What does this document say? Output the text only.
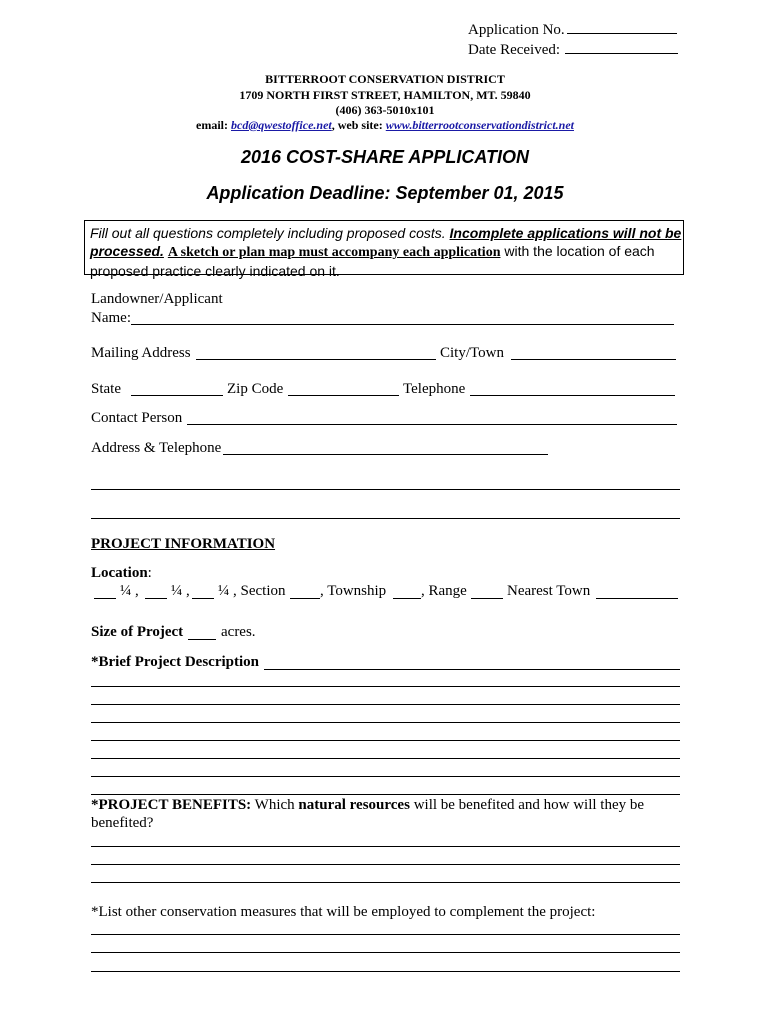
Application No.
Date Received:
BITTERROOT CONSERVATION DISTRICT
1709 NORTH FIRST STREET, HAMILTON, MT. 59840
(406) 363-5010x101
email: bcd@qwestoffice.net, web site: www.bitterrootconservationdistrict.net
2016 COST-SHARE APPLICATION
Application Deadline: September 01, 2015
Fill out all questions completely including proposed costs. Incomplete applications will not be processed. A sketch or plan map must accompany each application with the location of each proposed practice clearly indicated on it.
Landowner/Applicant
Name:
Mailing Address	City/Town
State	Zip Code	Telephone
Contact Person
Address & Telephone
PROJECT INFORMATION
Location:
¼ , ¼ , ¼ , Section , Township , Range	Nearest Town
Size of Project	acres.
*Brief Project Description
*PROJECT BENEFITS: Which natural resources will be benefited and how will they be
benefited?
*List other conservation measures that will be employed to complement the project:
